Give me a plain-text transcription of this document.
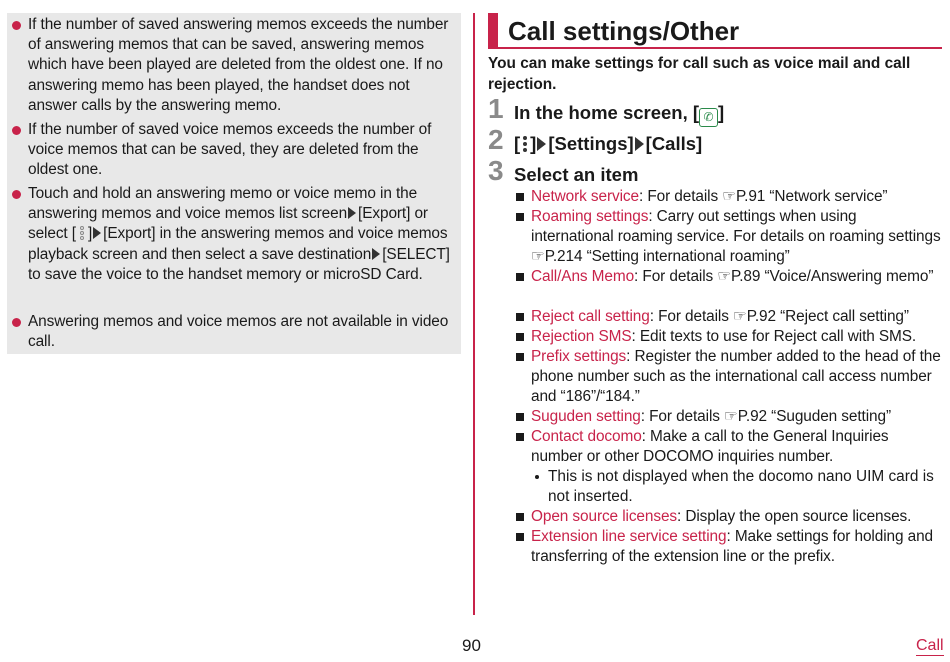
If the number of saved answering memos exceeds the number of answering memos that can be saved, answering memos which have been played are deleted from the oldest one. If no answering memo has been played, the handset does not answer calls by the answering memo.
If the number of saved voice memos exceeds the number of voice memos that can be saved, they are deleted from the oldest one.
Touch and hold an answering memo or voice memo in the answering memos and voice memos list screen [Export] or select [ ] [Export] in the answering memos and voice memos playback screen and then select a save destination [SELECT] to save the voice to the handset memory or microSD Card.
Answering memos and voice memos are not available in video call.
Call settings/Other
You can make settings for call such as voice mail and call rejection.
1 In the home screen, [ ✆ ]
2 [ ] [Settings] [Calls]
3 Select an item
Network service: For details ☞P.91 “Network service”
Roaming settings: Carry out settings when using international roaming service. For details on roaming settings ☞P.214 “Setting international roaming”
Call/Ans Memo: For details ☞P.89 “Voice/Answering memo”
Reject call setting: For details ☞P.92 “Reject call setting”
Rejection SMS: Edit texts to use for Reject call with SMS.
Prefix settings: Register the number added to the head of the phone number such as the international call access number and “186”/“184.”
Suguden setting: For details ☞P.92 “Suguden setting”
Contact docomo: Make a call to the General Inquiries number or other DOCOMO inquiries number.
This is not displayed when the docomo nano UIM card is not inserted.
Open source licenses: Display the open source licenses.
Extension line service setting: Make settings for holding and transferring of the extension line or the prefix.
90	Call
